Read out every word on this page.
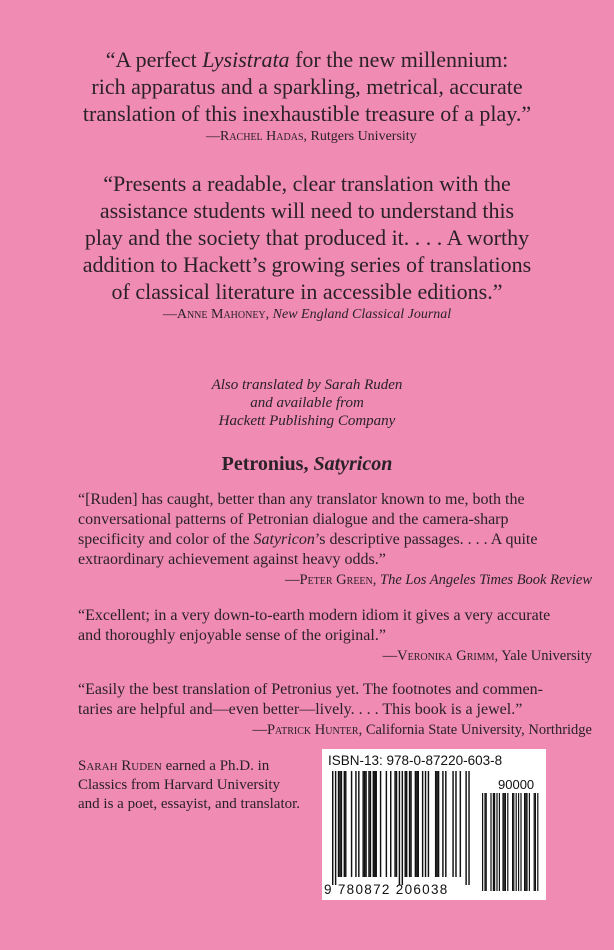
“A perfect Lysistrata for the new millennium:
rich apparatus and a sparkling, metrical, accurate
translation of this inexhaustible treasure of a play.”
—Rachel Hadas, Rutgers University
“Presents a readable, clear translation with the
assistance students will need to understand this
play and the society that produced it. . . . A worthy
addition to Hackett’s growing series of translations
of classical literature in accessible editions.”
—Anne Mahoney, New England Classical Journal
Also translated by Sarah Ruden
and available from
Hackett Publishing Company
Petronius, Satyricon
“[Ruden] has caught, better than any translator known to me, both the
conversational patterns of Petronian dialogue and the camera-sharp
specificity and color of the Satyricon’s descriptive passages. . . . A quite
extraordinary achievement against heavy odds.”
—Peter Green, The Los Angeles Times Book Review
“Excellent; in a very down-to-earth modern idiom it gives a very accurate
and thoroughly enjoyable sense of the original.”
—Veronika Grimm, Yale University
“Easily the best translation of Petronius yet. The footnotes and commen-
taries are helpful and—even better—lively. . . . This book is a jewel.”
—Patrick Hunter, California State University, Northridge
Sarah Ruden earned a Ph.D. in
Classics from Harvard University
and is a poet, essayist, and translator.
ISBN-13: 978-0-87220-603-8
90000
9 780872 206038
